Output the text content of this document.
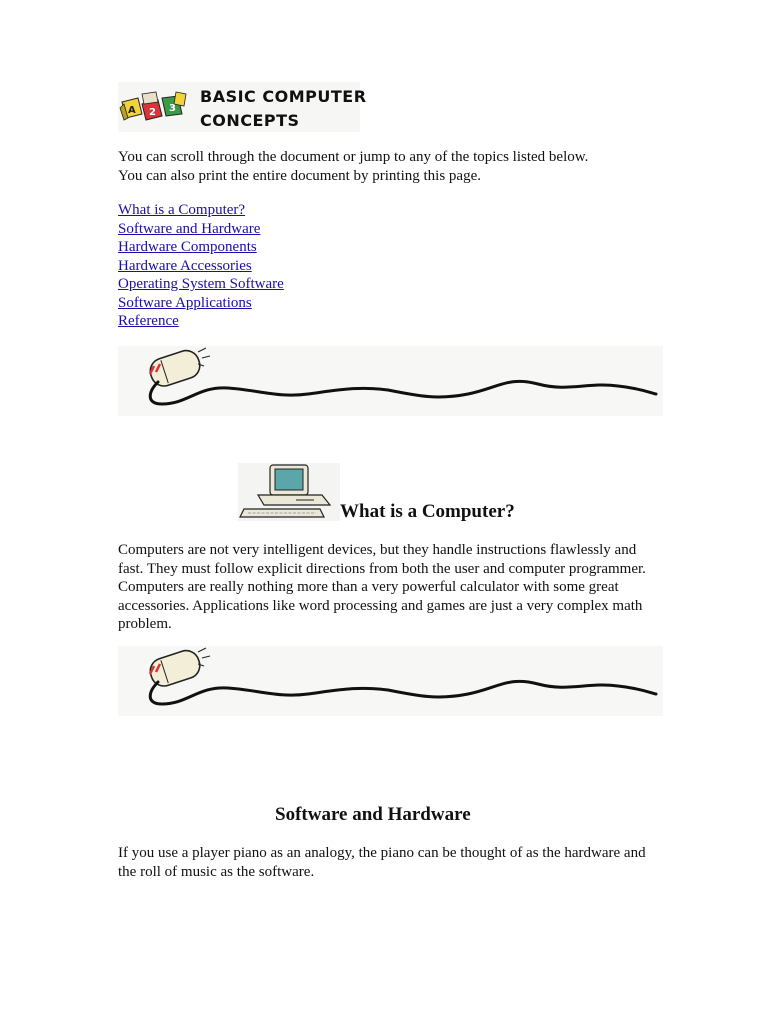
A 2 3
BASIC COMPUTER
CONCEPTS

You can scroll through the document or jump to any of the topics listed below.

You can also print the entire document by printing this page.

What is a Computer?
Software and Hardware
Hardware Components
Hardware Accessories
Operating System Software
Software Applications
Reference
What is a Computer?
Computers are not very intelligent devices, but they handle instructions flawlessly and fast. They must follow explicit directions from both the user and computer programmer. Computers are really nothing more than a very powerful calculator with some great accessories. Applications like word processing and games are just a very complex math problem.
Software and Hardware
If you use a player piano as an analogy, the piano can be thought of as the hardware and the roll of music as the software.
